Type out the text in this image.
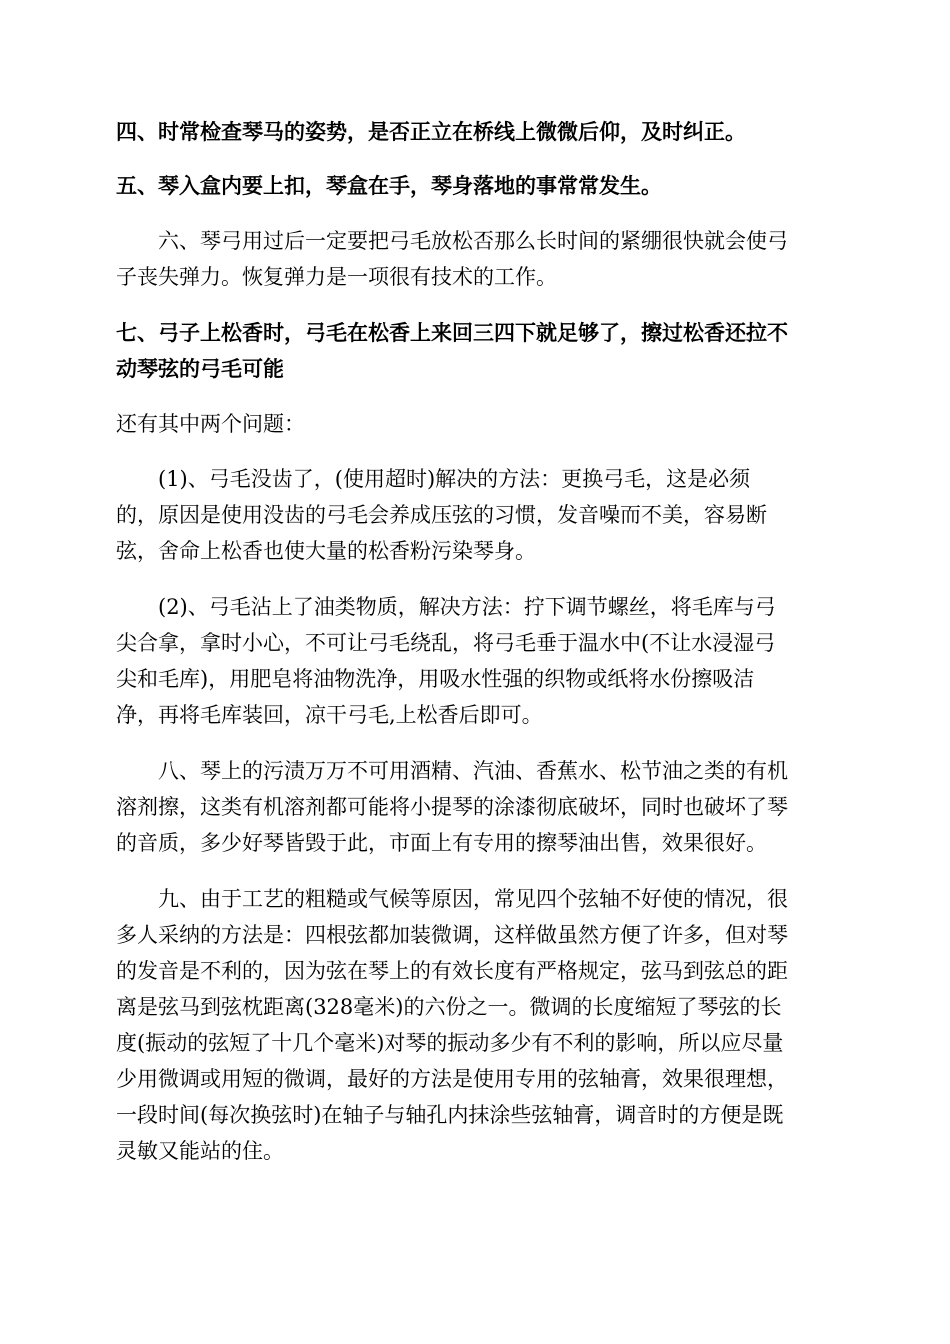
四、时常检查琴马的姿势，是否正立在桥线上微微后仰，及时纠正。
五、琴入盒内要上扣，琴盒在手，琴身落地的事常常发生。
六、琴弓用过后一定要把弓毛放松否那么长时间的紧绷很快就会使弓
子丧失弹力。恢复弹力是一项很有技术的工作。
七、弓子上松香时，弓毛在松香上来回三四下就足够了，擦过松香还拉不
动琴弦的弓毛可能
还有其中两个问题：
(1)、弓毛没齿了，(使用超时)解决的方法：更换弓毛，这是必须
的，原因是使用没齿的弓毛会养成压弦的习惯，发音噪而不美，容易断
弦，舍命上松香也使大量的松香粉污染琴身。
(2)、弓毛沾上了油类物质，解决方法：拧下调节螺丝，将毛库与弓
尖合拿，拿时小心，不可让弓毛绕乱，将弓毛垂于温水中(不让水浸湿弓
尖和毛库)，用肥皂将油物洗净，用吸水性强的织物或纸将水份擦吸洁
净，再将毛库装回，凉干弓毛,上松香后即可。
八、琴上的污渍万万不可用酒精、汽油、香蕉水、松节油之类的有机
溶剂擦，这类有机溶剂都可能将小提琴的涂漆彻底破坏，同时也破坏了琴
的音质，多少好琴皆毁于此，市面上有专用的擦琴油出售，效果很好。
九、由于工艺的粗糙或气候等原因，常见四个弦轴不好使的情况，很
多人采纳的方法是：四根弦都加装微调，这样做虽然方便了许多，但对琴
的发音是不利的，因为弦在琴上的有效长度有严格规定，弦马到弦总的距
离是弦马到弦枕距离(328毫米)的六份之一。微调的长度缩短了琴弦的长
度(振动的弦短了十几个毫米)对琴的振动多少有不利的影响，所以应尽量
少用微调或用短的微调，最好的方法是使用专用的弦轴膏，效果很理想，
一段时间(每次换弦时)在轴子与轴孔内抹涂些弦轴膏，调音时的方便是既
灵敏又能站的住。
